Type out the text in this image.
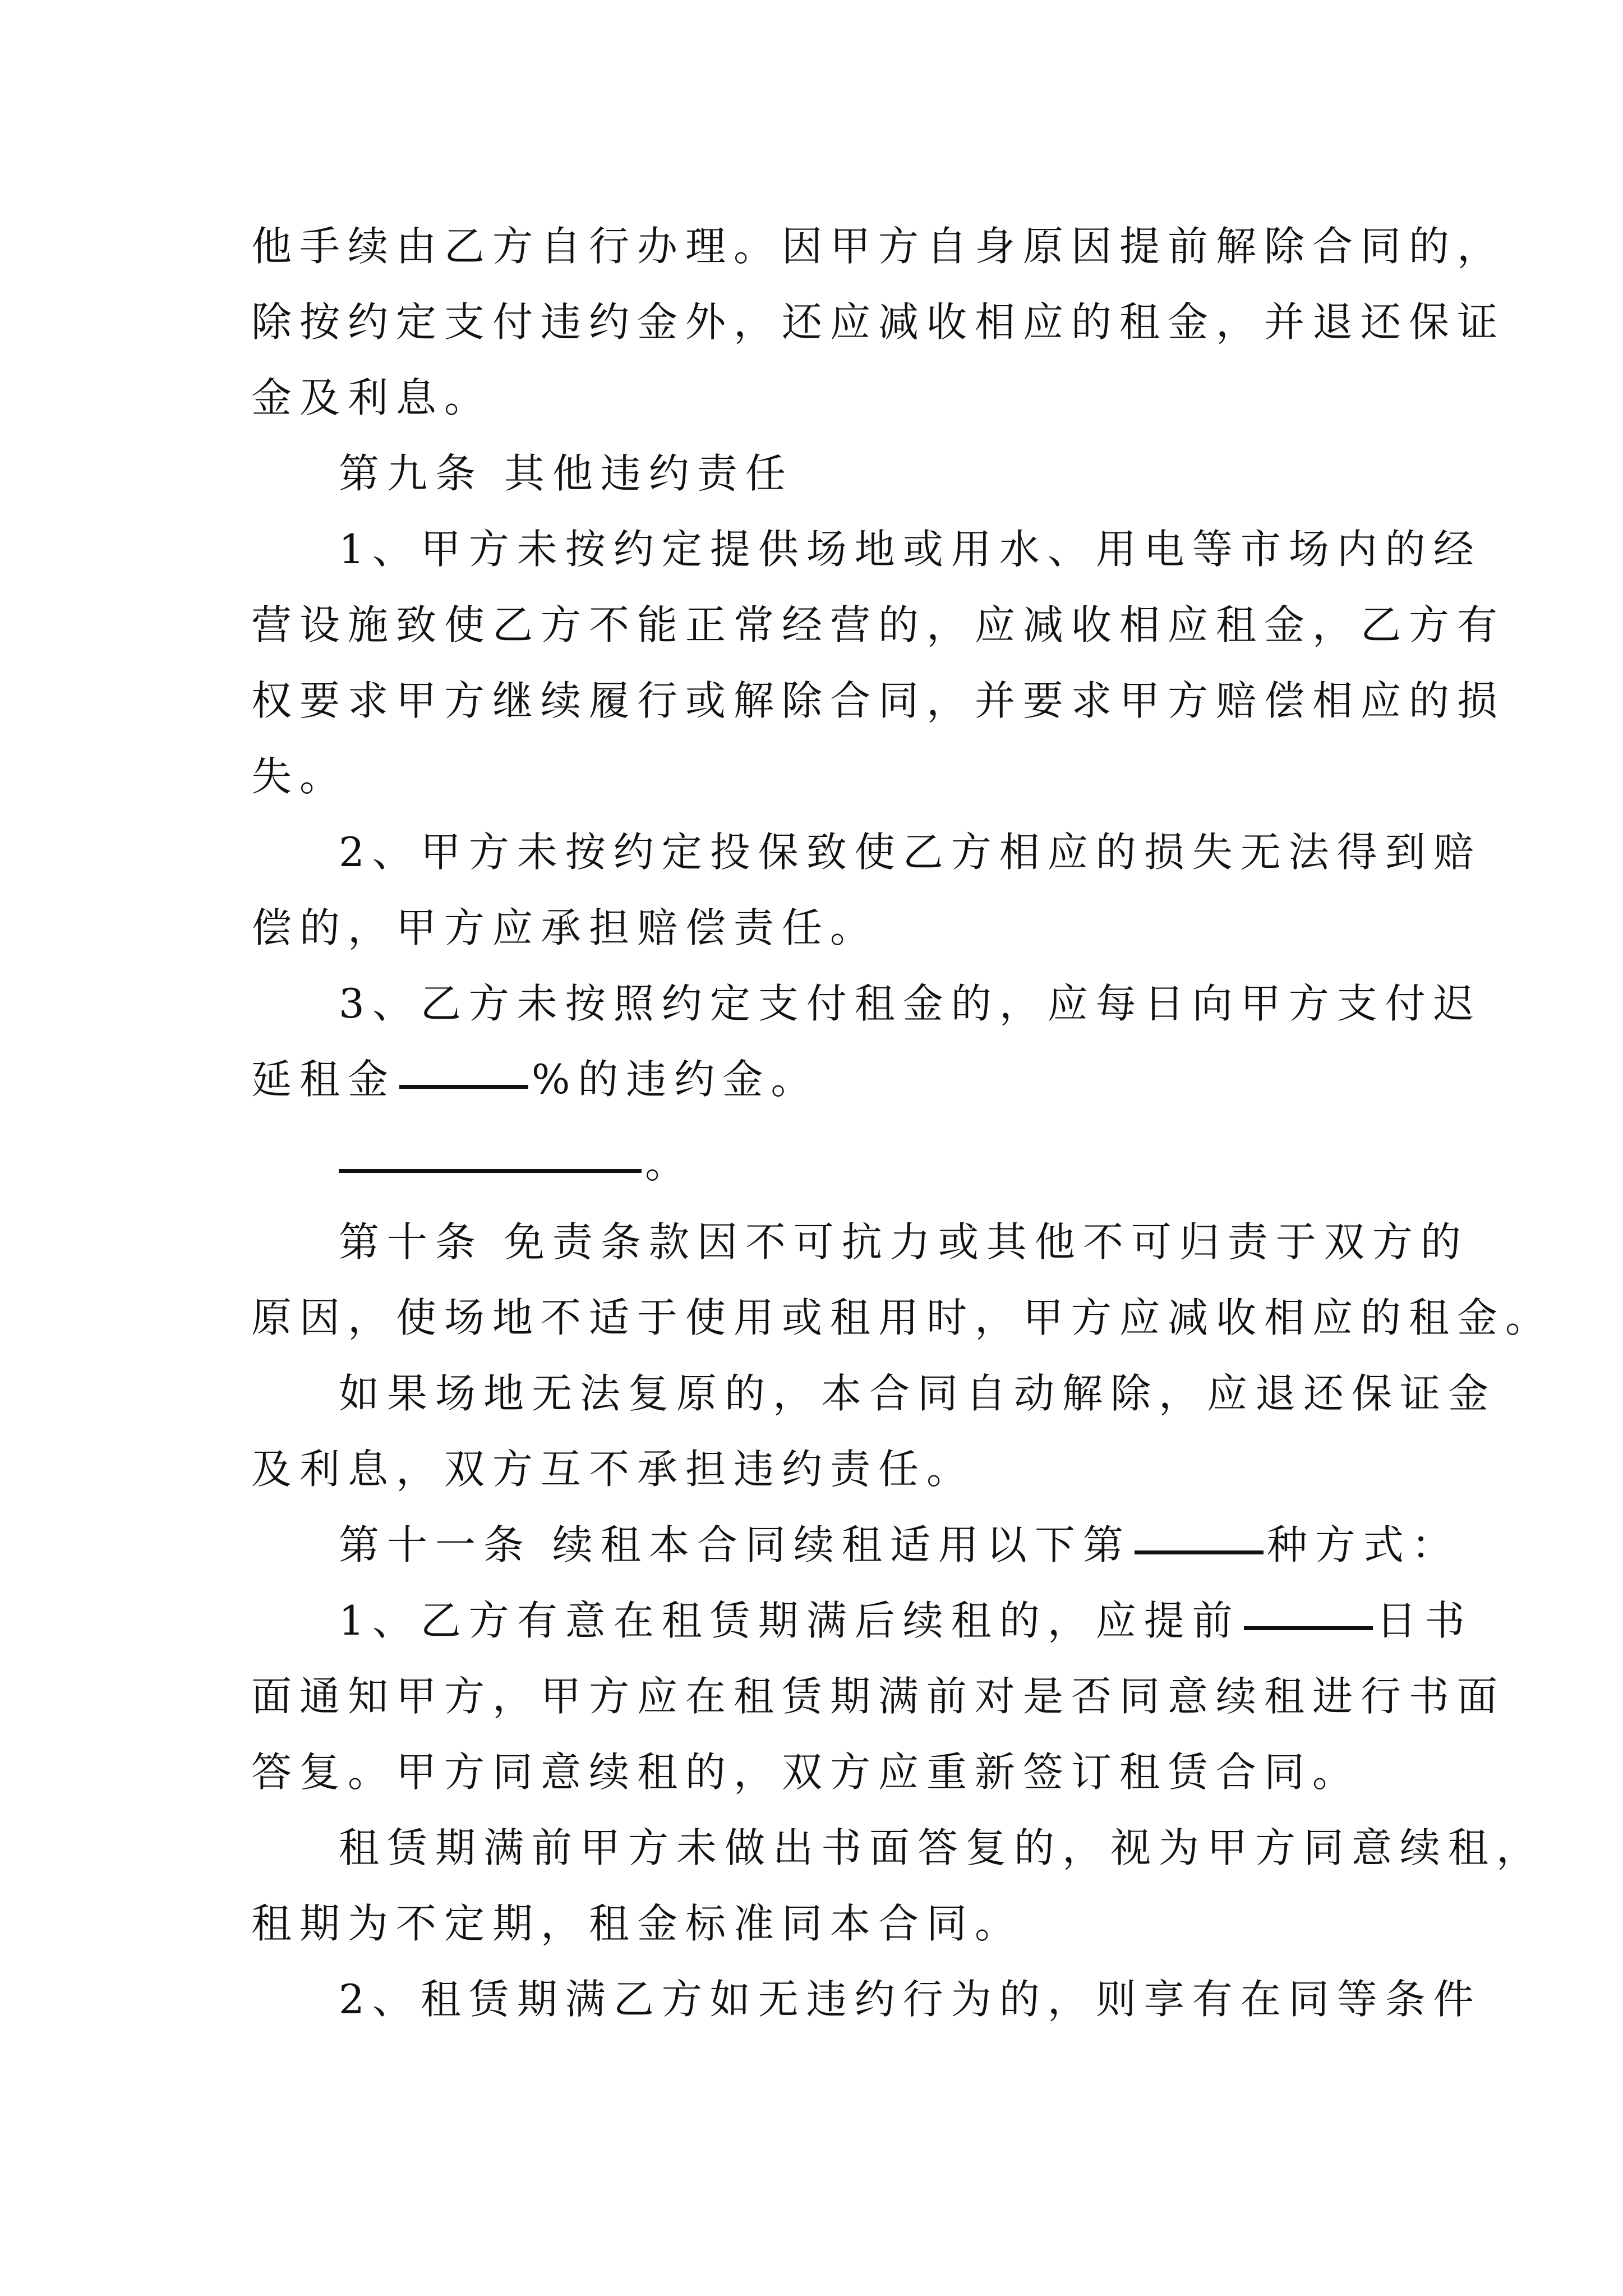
他手续由乙方自行办理。因甲方自身原因提前解除合同的，
除按约定支付违约金外，还应减收相应的租金，并退还保证
金及利息。
第九条 其他违约责任
1、甲方未按约定提供场地或用水、用电等市场内的经
营设施致使乙方不能正常经营的，应减收相应租金，乙方有
权要求甲方继续履行或解除合同，并要求甲方赔偿相应的损
失。
2、甲方未按约定投保致使乙方相应的损失无法得到赔
偿的，甲方应承担赔偿责任。
3、乙方未按照约定支付租金的，应每日向甲方支付迟
延租金	%的违约金。
。
第十条 免责条款因不可抗力或其他不可归责于双方的
原因，使场地不适于使用或租用时，甲方应减收相应的租金。
如果场地无法复原的，本合同自动解除，应退还保证金
及利息，双方互不承担违约责任。
第十一条 续租本合同续租适用以下第	种方式：
1、乙方有意在租赁期满后续租的，应提前	日书
面通知甲方，甲方应在租赁期满前对是否同意续租进行书面
答复。甲方同意续租的，双方应重新签订租赁合同。
租赁期满前甲方未做出书面答复的，视为甲方同意续租，
租期为不定期，租金标准同本合同。
2、租赁期满乙方如无违约行为的，则享有在同等条件
